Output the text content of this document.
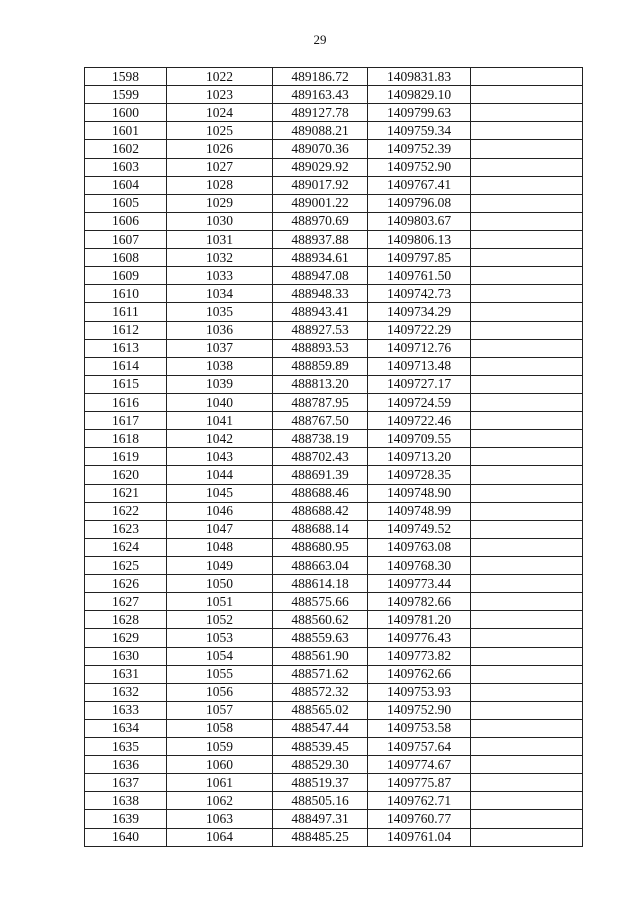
29
1598	1022	489186.72	1409831.83	
1599	1023	489163.43	1409829.10	
1600	1024	489127.78	1409799.63	
1601	1025	489088.21	1409759.34	
1602	1026	489070.36	1409752.39	
1603	1027	489029.92	1409752.90	
1604	1028	489017.92	1409767.41	
1605	1029	489001.22	1409796.08	
1606	1030	488970.69	1409803.67	
1607	1031	488937.88	1409806.13	
1608	1032	488934.61	1409797.85	
1609	1033	488947.08	1409761.50	
1610	1034	488948.33	1409742.73	
1611	1035	488943.41	1409734.29	
1612	1036	488927.53	1409722.29	
1613	1037	488893.53	1409712.76	
1614	1038	488859.89	1409713.48	
1615	1039	488813.20	1409727.17	
1616	1040	488787.95	1409724.59	
1617	1041	488767.50	1409722.46	
1618	1042	488738.19	1409709.55	
1619	1043	488702.43	1409713.20	
1620	1044	488691.39	1409728.35	
1621	1045	488688.46	1409748.90	
1622	1046	488688.42	1409748.99	
1623	1047	488688.14	1409749.52	
1624	1048	488680.95	1409763.08	
1625	1049	488663.04	1409768.30	
1626	1050	488614.18	1409773.44	
1627	1051	488575.66	1409782.66	
1628	1052	488560.62	1409781.20	
1629	1053	488559.63	1409776.43	
1630	1054	488561.90	1409773.82	
1631	1055	488571.62	1409762.66	
1632	1056	488572.32	1409753.93	
1633	1057	488565.02	1409752.90	
1634	1058	488547.44	1409753.58	
1635	1059	488539.45	1409757.64	
1636	1060	488529.30	1409774.67	
1637	1061	488519.37	1409775.87	
1638	1062	488505.16	1409762.71	
1639	1063	488497.31	1409760.77	
1640	1064	488485.25	1409761.04	
